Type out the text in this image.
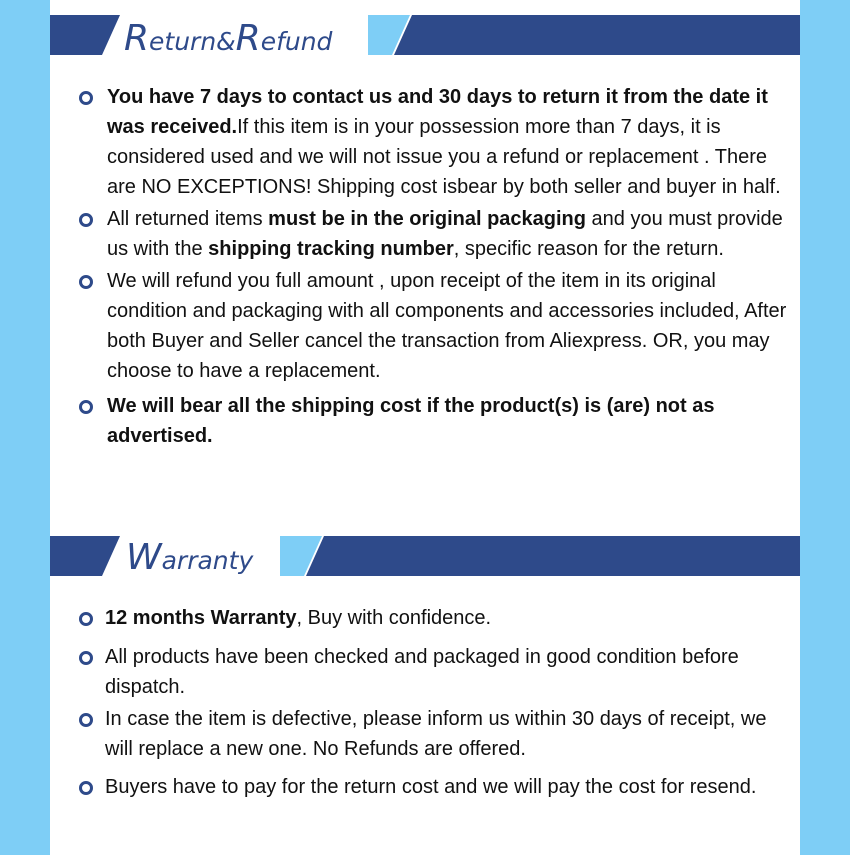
Return&Refund
You have 7 days to contact us and 30 days to return it from the date it was received.If this item is in your possession more than 7 days, it is considered used and we will not issue you a refund or replacement . There are NO EXCEPTIONS! Shipping cost isbear by both seller and buyer in half.
All returned items must be in the original packaging and you must provide us with the shipping tracking number, specific reason for the return.
We will refund you full amount , upon receipt of the item in its original condition and packaging with all components and accessories included, After both Buyer and Seller cancel the transaction from Aliexpress. OR, you may choose to have a replacement.
We will bear all the shipping cost if the product(s) is (are) not as advertised.
Warranty
12 months Warranty, Buy with confidence.
All products have been checked and packaged in good condition before dispatch.
In case the item is defective, please inform us within 30 days of receipt, we will replace a new one. No Refunds are offered.
Buyers have to pay for the return cost and we will pay the cost for resend.
